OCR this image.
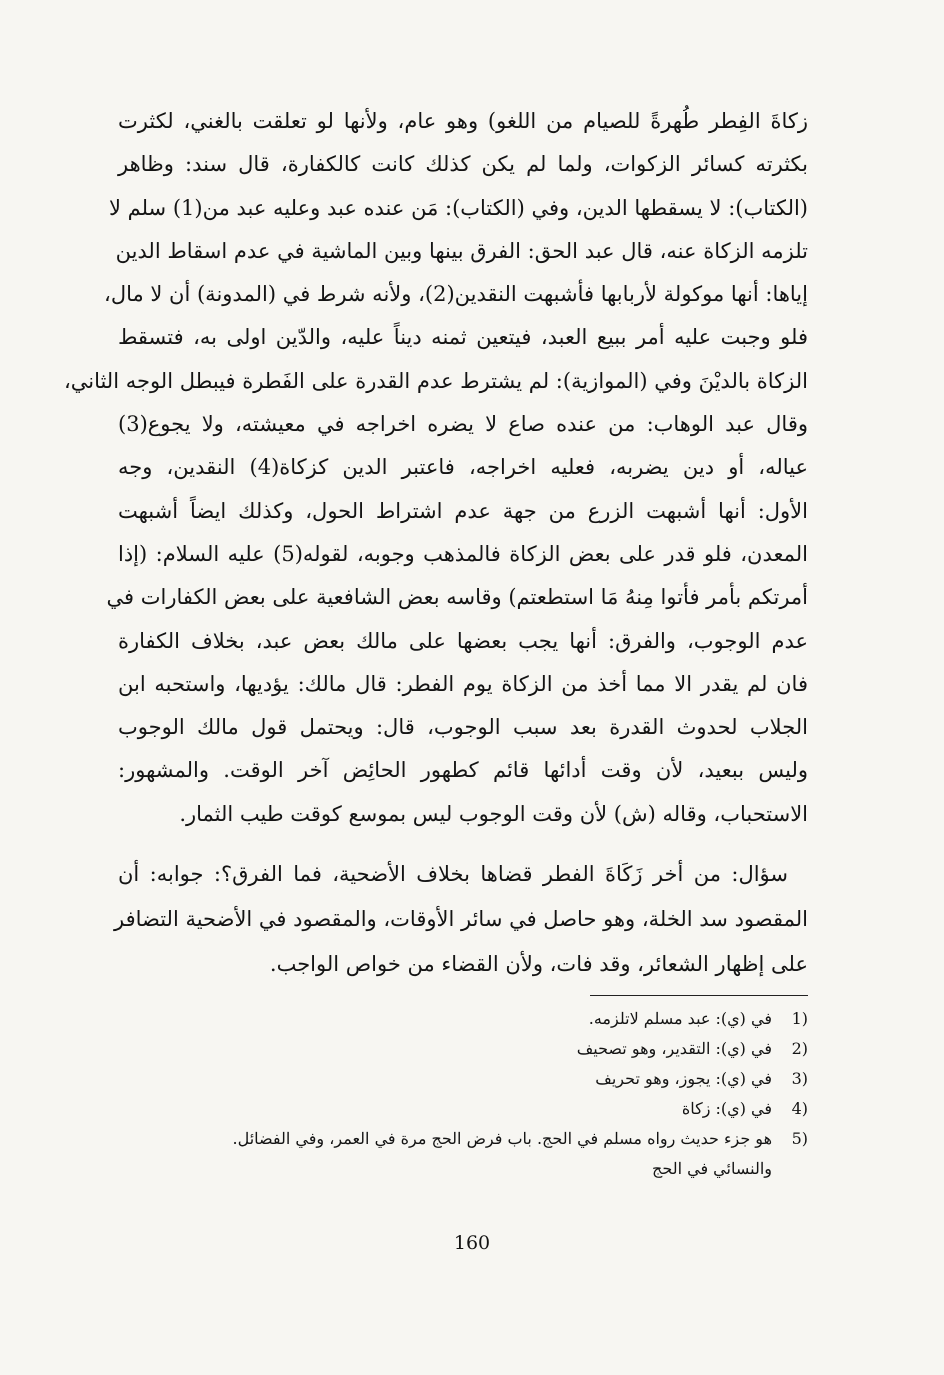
زكاةَ الفِطر طُهرةً للصيام من اللغو) وهو عام، ولأنها لو تعلقت بالغني، لكثرت
بكثرته كسائر الزكوات، ولما لم يكن كذلك كانت كالكفارة، قال سند: وظاهر
(الكتاب): لا يسقطها الدين، وفي (الكتاب): مَن عنده عبد وعليه عبد من(1) سلم لا
تلزمه الزكاة عنه، قال عبد الحق: الفرق بينها وبين الماشية في عدم اسقاط الدين
إياها: أنها موكولة لأربابها فأشبهت النقدين(2)، ولأنه شرط في (المدونة) أن لا مال،
فلو وجبت عليه أمر ببيع العبد، فيتعين ثمنه ديناً عليه، والدّين اولى به، فتسقط
الزكاة بالديْنَ وفي (الموازية): لم يشترط عدم القدرة على الفَطرة فيبطل الوجه الثاني،
وقال عبد الوهاب: من عنده صاع لا يضره اخراجه في معيشته، ولا يجوع(3)
عياله، أو دين يضربه، فعليه اخراجه، فاعتبر الدين كزكاة(4) النقدين، وجه
الأول: أنها أشبهت الزرع من جهة عدم اشتراط الحول، وكذلك ايضاً أشبهت
المعدن، فلو قدر على بعض الزكاة فالمذهب وجوبه، لقوله(5) عليه السلام: (إذا
أمرتكم بأمر فأتوا مِنهُ مَا استطعتم) وقاسه بعض الشافعية على بعض الكفارات في
عدم الوجوب، والفرق: أنها يجب بعضها على مالك بعض عبد، بخلاف الكفارة
فان لم يقدر الا مما أخذ من الزكاة يوم الفطر: قال مالك: يؤديها، واستحبه ابن
الجلاب لحدوث القدرة بعد سبب الوجوب، قال: ويحتمل قول مالك الوجوب
وليس ببعيد، لأن وقت أدائها قائم كطهور الحائِض آخر الوقت. والمشهور:
الاستحباب، وقاله (ش) لأن وقت الوجوب ليس بموسع كوقت طيب الثمار.
سؤال: من أخر زَكَاةَ الفطر قضاها بخلاف الأضحية، فما الفرق؟: جوابه: أن
المقصود سد الخلة، وهو حاصل في سائر الأوقات، والمقصود في الأضحية التضافر
على إظهار الشعائر، وقد فات، ولأن القضاء من خواص الواجب.
1)
في (ي): عبد مسلم لاتلزمه.
2)
في (ي): التقدير، وهو تصحيف
3)
في (ي): يجوز، وهو تحريف
4)
في (ي): زكاة
5)
هو جزء حديث رواه مسلم في الحج. باب فرض الحج مرة في العمر، وفي الفضائل.
والنسائي في الحج
160
